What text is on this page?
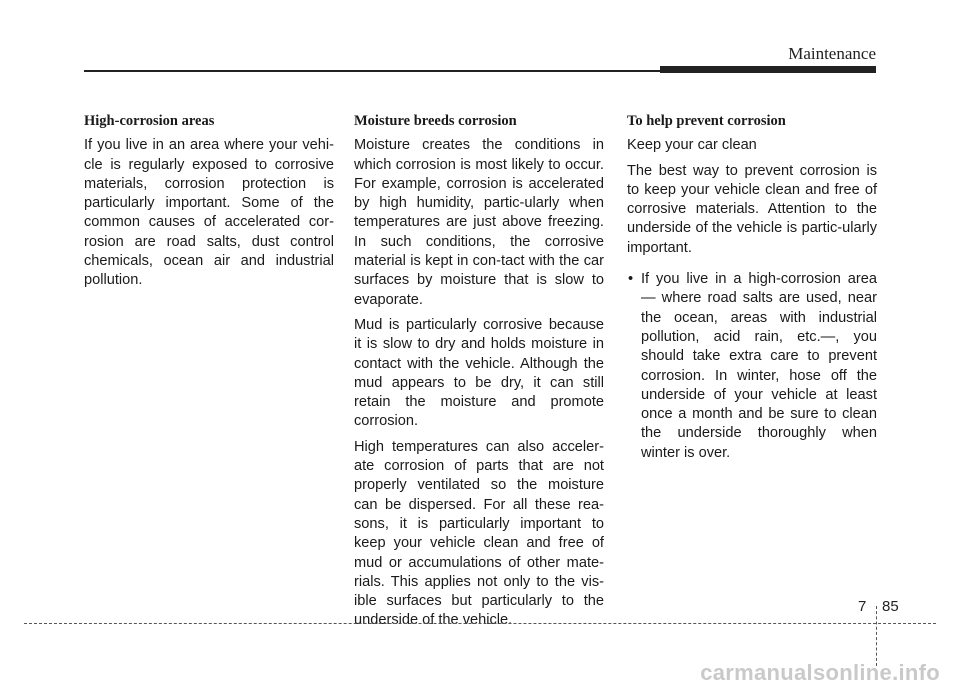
Maintenance
High-corrosion areas

If you live in an area where your vehi-cle is regularly exposed to corrosive materials, corrosion protection is particularly important. Some of the common causes of accelerated cor-rosion are road salts, dust control chemicals, ocean air and industrial pollution.

Moisture breeds corrosion

Moisture creates the conditions in which corrosion is most likely to occur. For example, corrosion is accelerated by high humidity, partic-ularly when temperatures are just above freezing. In such conditions, the corrosive material is kept in con-tact with the car surfaces by moisture that is slow to evaporate.

Mud is particularly corrosive because it is slow to dry and holds moisture in contact with the vehicle. Although the mud appears to be dry, it can still retain the moisture and promote corrosion.

High temperatures can also acceler-ate corrosion of parts that are not properly ventilated so the moisture can be dispersed. For all these rea-sons, it is particularly important to keep your vehicle clean and free of mud or accumulations of other mate-rials. This applies not only to the vis-ible surfaces but particularly to the underside of the vehicle.

To help prevent corrosion

Keep your car clean

The best way to prevent corrosion is to keep your vehicle clean and free of corrosive materials. Attention to the underside of the vehicle is partic-ularly important.

• If you live in a high-corrosion area — where road salts are used, near the ocean, areas with industrial pollution, acid rain, etc.—, you should take extra care to prevent corrosion. In winter, hose off the underside of your vehicle at least once a month and be sure to clean the underside thoroughly when winter is over.
7 85
carmanualsonline.info
